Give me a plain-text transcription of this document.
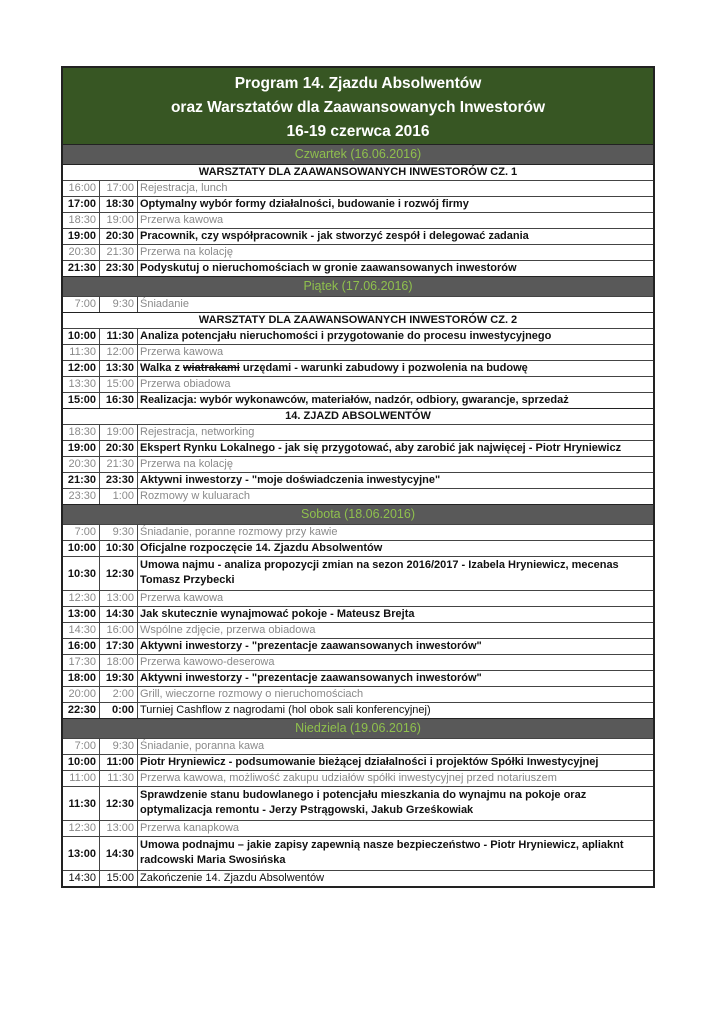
Program 14. Zjazdu Absolwentów
oraz Warsztatów dla Zaawansowanych Inwestorów
16-19 czerwca 2016
Czwartek (16.06.2016)
WARSZTATY DLA ZAAWANSOWANYCH INWESTORÓW CZ. 1
16:00 17:00 Rejestracja, lunch
17:00 18:30 Optymalny wybór formy działalności, budowanie i rozwój firmy
18:30 19:00 Przerwa kawowa
19:00 20:30 Pracownik, czy współpracownik - jak stworzyć zespół i delegować zadania
20:30 21:30 Przerwa na kolację
21:30 23:30 Podyskutuj o nieruchomościach w gronie zaawansowanych inwestorów
Piątek (17.06.2016)
7:00	9:30 Śniadanie
WARSZTATY DLA ZAAWANSOWANYCH INWESTORÓW CZ. 2
10:00 11:30 Analiza potencjału nieruchomości i przygotowanie do procesu inwestycyjnego
11:30 12:00 Przerwa kawowa
12:00 13:30 Walka z wiatrakami urzędami - warunki zabudowy i pozwolenia na budowę
13:30 15:00 Przerwa obiadowa
15:00 16:30 Realizacja: wybór wykonawców, materiałów, nadzór, odbiory, gwarancje, sprzedaż
14. ZJAZD ABSOLWENTÓW
18:30 19:00 Rejestracja, networking
19:00 20:30 Ekspert Rynku Lokalnego - jak się przygotować, aby zarobić jak najwięcej - Piotr Hryniewicz
20:30 21:30 Przerwa na kolację
21:30 23:30 Aktywni inwestorzy - "moje doświadczenia inwestycyjne"
23:30	1:00 Rozmowy w kuluarach
Sobota (18.06.2016)
7:00	9:30 Śniadanie, poranne rozmowy przy kawie
10:00 10:30 Oficjalne rozpoczęcie 14. Zjazdu Absolwentów
10:30 12:30
Umowa najmu - analiza propozycji zmian na sezon 2016/2017 - Izabela Hryniewicz, mecenas Tomasz Przybecki
12:30 13:00 Przerwa kawowa
13:00 14:30 Jak skutecznie wynajmować pokoje - Mateusz Brejta
14:30 16:00 Wspólne zdjęcie, przerwa obiadowa
16:00 17:30 Aktywni inwestorzy - "prezentacje zaawansowanych inwestorów"
17:30 18:00 Przerwa kawowo-deserowa
18:00 19:30 Aktywni inwestorzy - "prezentacje zaawansowanych inwestorów"
20:00	2:00 Grill, wieczorne rozmowy o nieruchomościach
22:30	0:00 Turniej Cashflow z nagrodami (hol obok sali konferencyjnej)
Niedziela (19.06.2016)
7:00	9:30 Śniadanie, poranna kawa
10:00 11:00 Piotr Hryniewicz - podsumowanie bieżącej działalności i projektów Spółki Inwestycyjnej
11:00	11:30 Przerwa kawowa, możliwość zakupu udziałów spółki inwestycyjnej przed notariuszem
11:30 12:30
Sprawdzenie stanu budowlanego i potencjału mieszkania do wynajmu na pokoje oraz optymalizacja remontu - Jerzy Pstrągowski, Jakub Grześkowiak
12:30 13:00 Przerwa kanapkowa
13:00 14:30
Umowa podnajmu – jakie zapisy zapewnią nasze bezpieczeństwo - Piotr Hryniewicz, apliaknt radcowski Maria Swosińska
14:30 15:00 Zakończenie 14. Zjazdu Absolwentów
